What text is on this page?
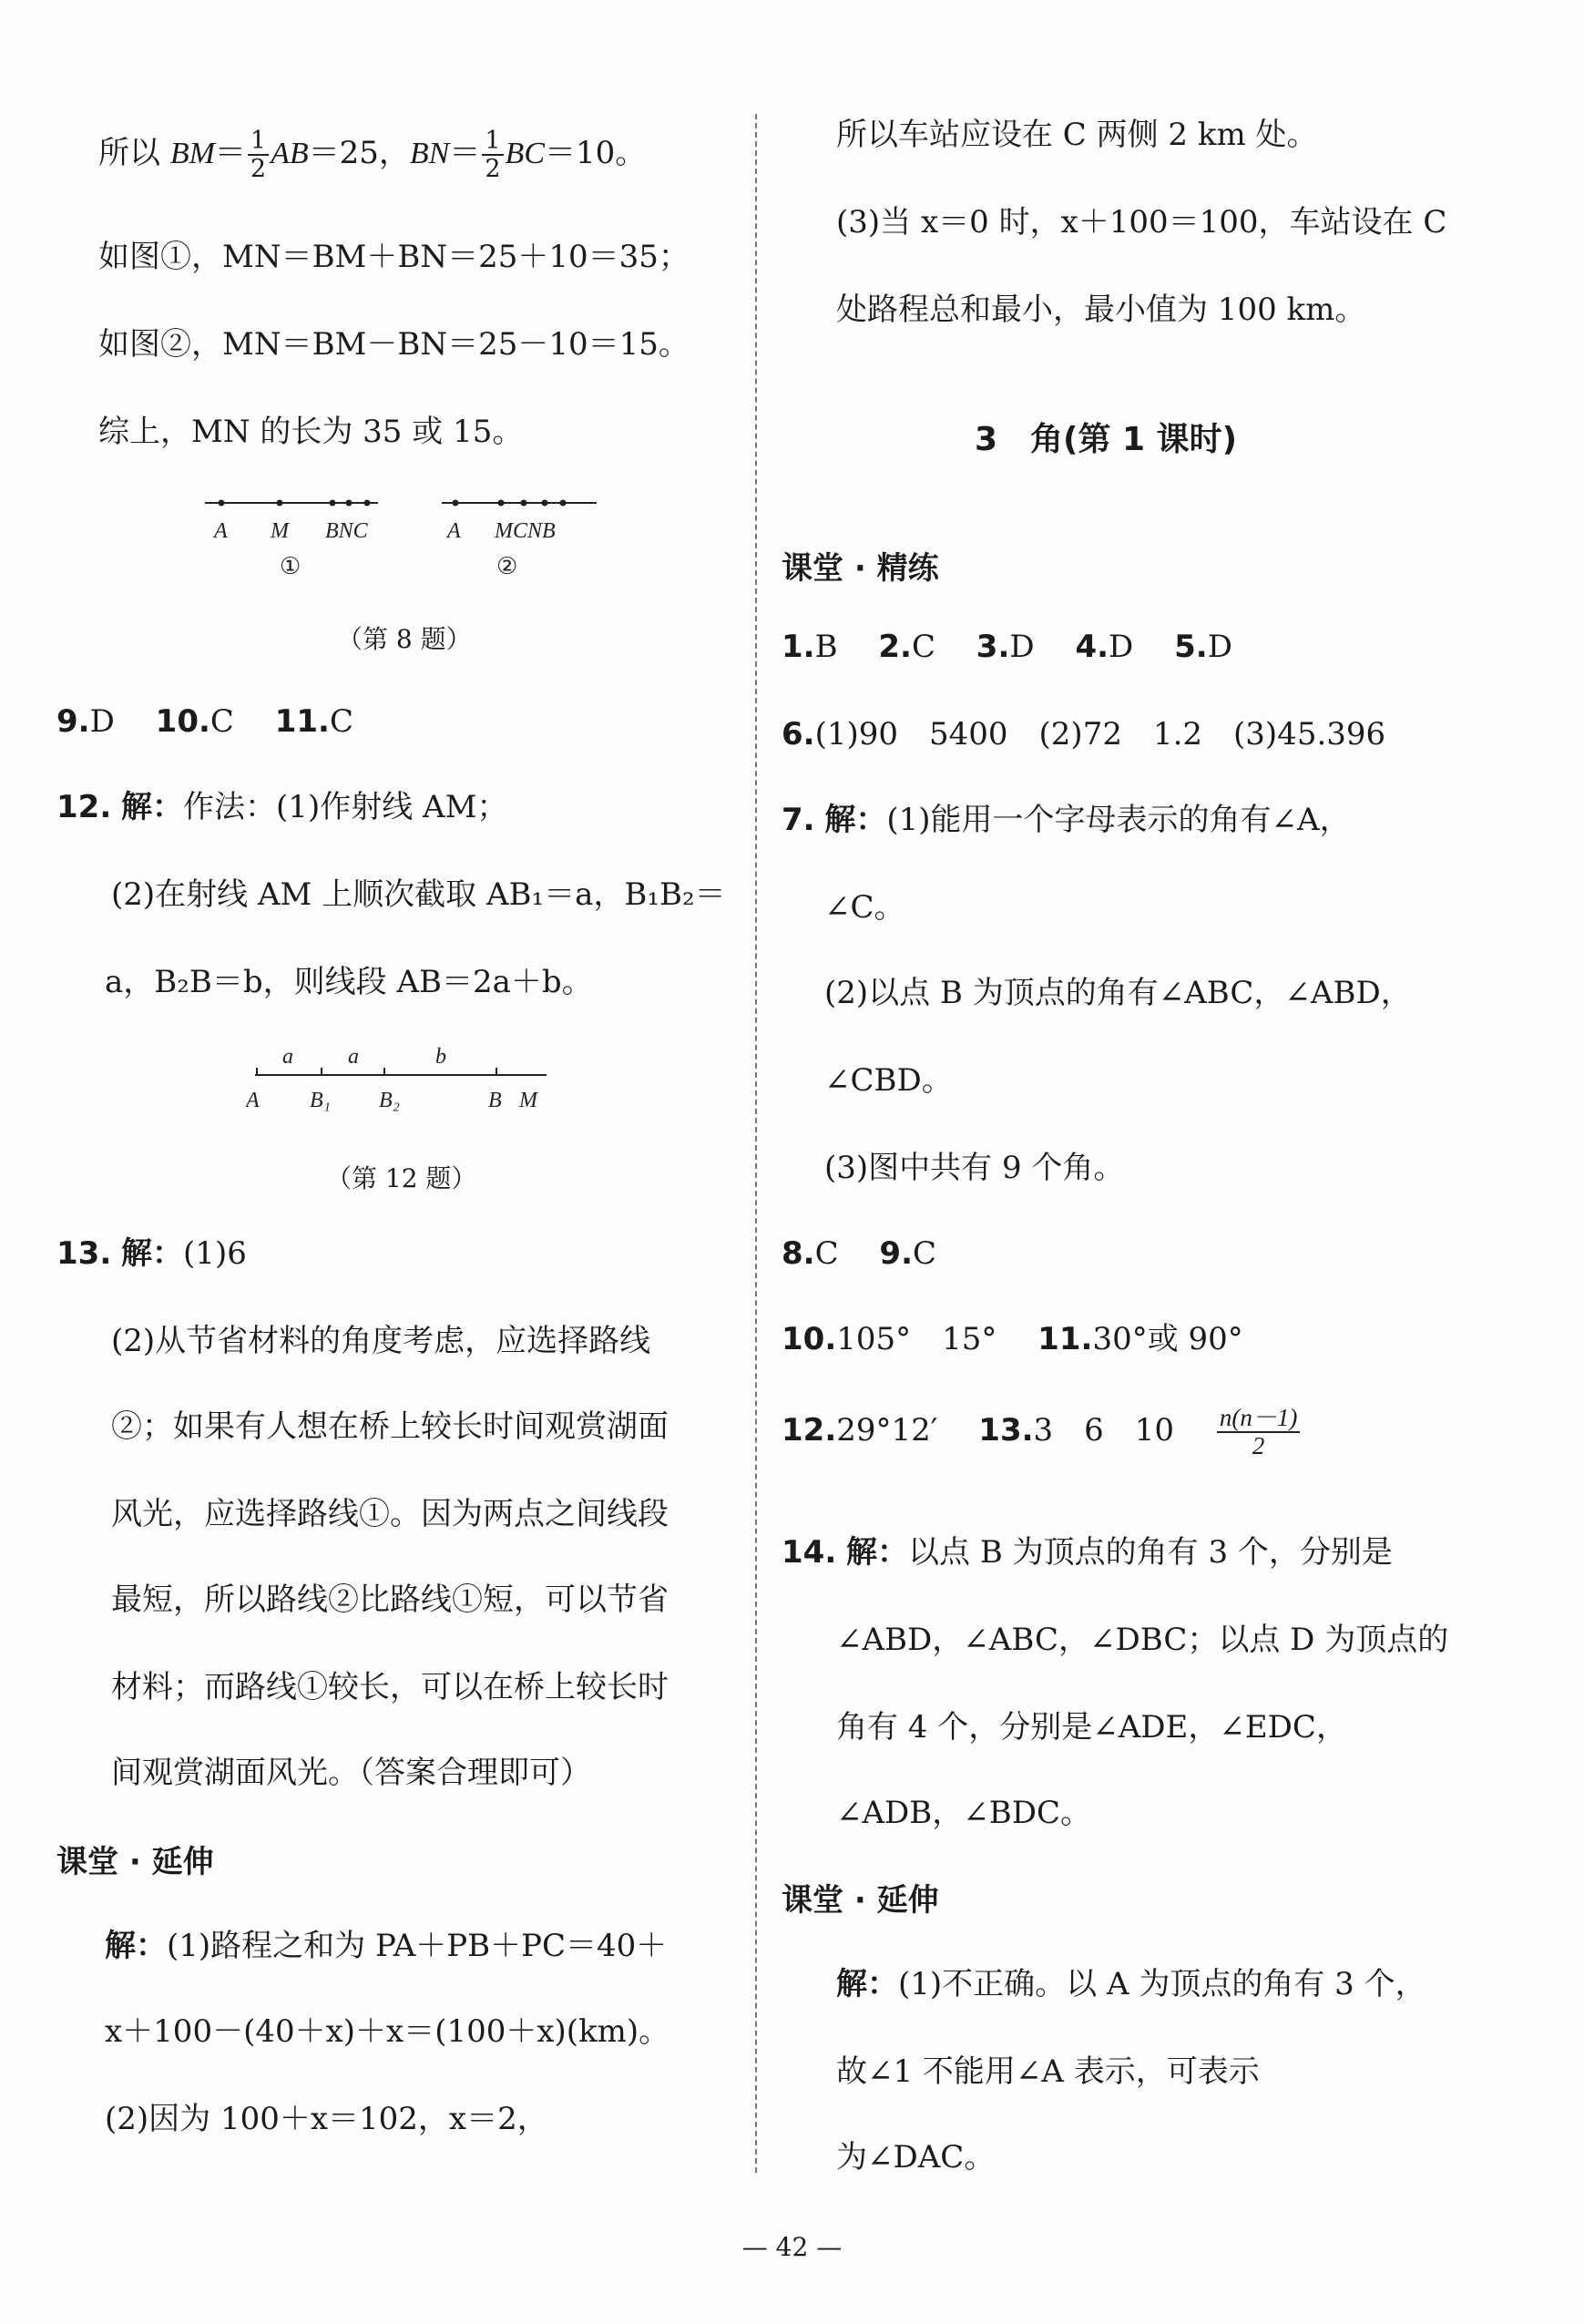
所以 $BM= \frac{1}{2} AB=25$，$BN= \frac{1}{2} BC=10$。
如图①，MN＝BM＋BN＝25＋10＝35；
如图②，MN＝BM－BN＝25－10＝15。
综上，MN 的长为 35 或 15。
A M BNC	A MCNB
①	②
（第 8 题）
9.D　 10.C　 11.C
12. 解：作法：(1)作射线 AM；
(2)在射线 AM 上顺次截取 AB₁＝a，B₁B₂＝
a，B₂B＝b，则线段 AB＝2a＋b。
a	a	b
A B₁ B₂	B M
（第 12 题）
13. 解：(1)6
(2)从节省材料的角度考虑，应选择路线
②；如果有人想在桥上较长时间观赏湖面
风光，应选择路线①。因为两点之间线段
最短，所以路线②比路线①短，可以节省
材料；而路线①较长，可以在桥上较长时
间观赏湖面风光。（答案合理即可）
课堂 · 延伸
解：(1)路程之和为 PA＋PB＋PC＝40＋
x＋100－(40＋x)＋x＝(100＋x)(km)。
(2)因为 100＋x＝102，x＝2，
所以车站应设在 C 两侧 2 km 处。
(3)当 x＝0 时，x＋100＝100，车站设在 C
处路程总和最小，最小值为 100 km。
3　角(第 1 课时)
课堂 · 精练
1.B　 2.C　 3.D　 4.D　 5.D
6.(1)90　5400　(2)72　1.2　(3)45.396
7. 解：(1)能用一个字母表示的角有∠A，
∠C。
(2)以点 B 为顶点的角有∠ABC，∠ABD，
∠CBD。
(3)图中共有 9 个角。
8.C　 9.C
10.105°　15°　 11.30°或 90°
12.29°12′　 13.3　6　10　 $\frac{n(n-1)}{2}$
14. 解：以点 B 为顶点的角有 3 个，分别是
∠ABD，∠ABC，∠DBC；以点 D 为顶点的
角有 4 个，分别是∠ADE，∠EDC，
∠ADB，∠BDC。
课堂 · 延伸
解：(1)不正确。以 A 为顶点的角有 3 个，
故∠1 不能用∠A 表示，可表示
为∠DAC。
— 42 —
